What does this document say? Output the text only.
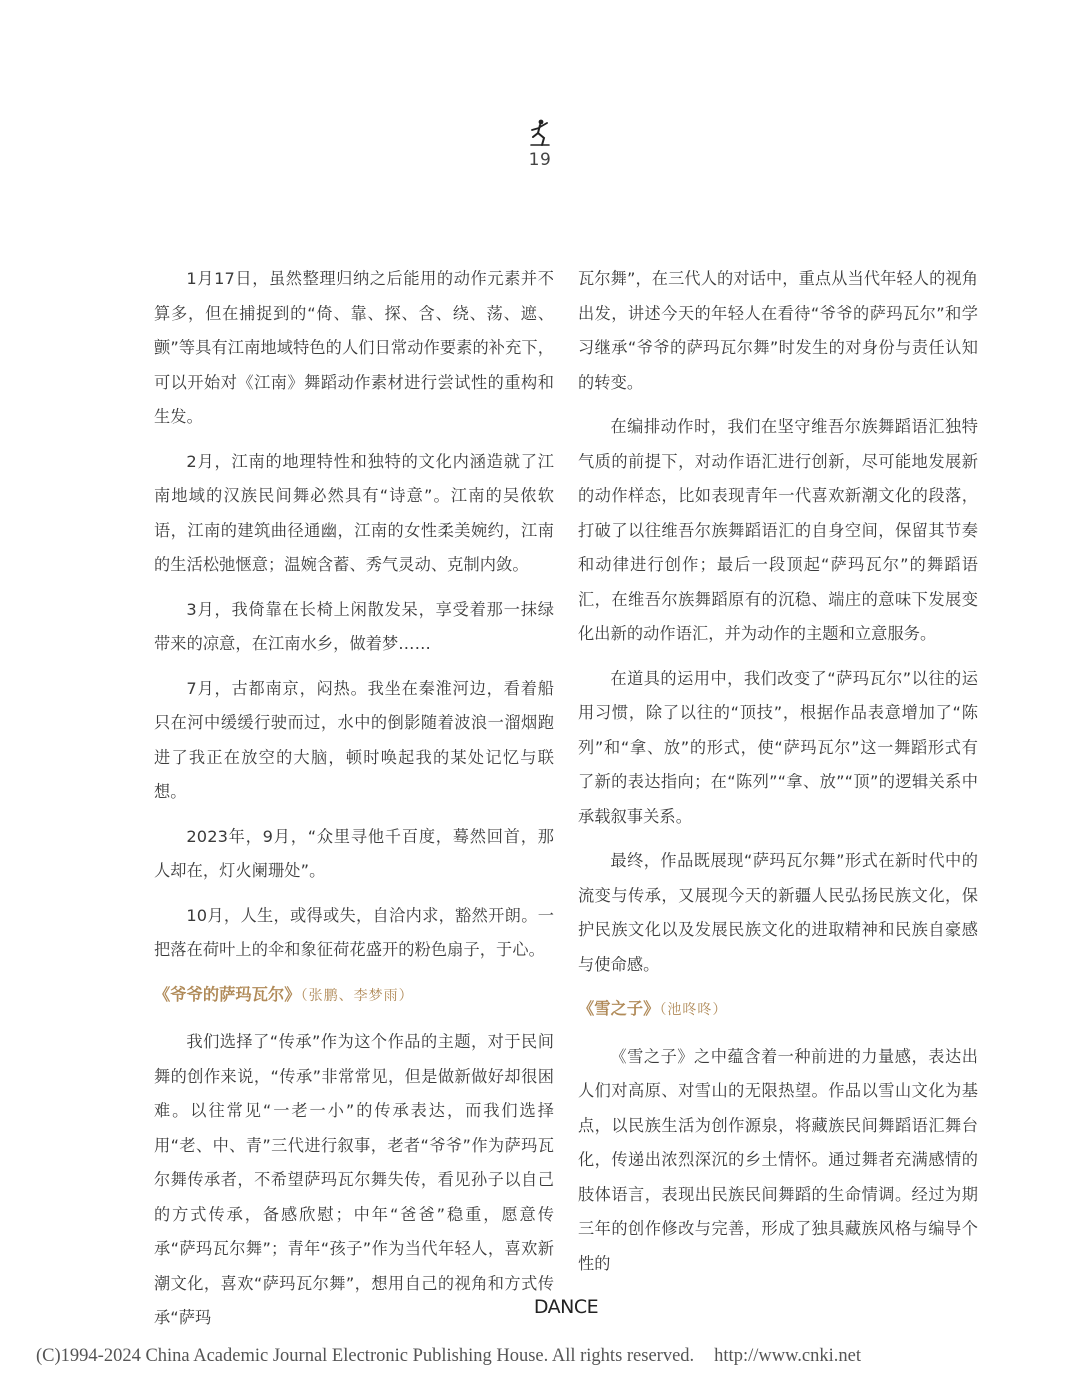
19

1月17日，虽然整理归纳之后能用的动作元素并不算多，但在捕捉到的“倚、靠、探、含、绕、荡、遮、颤”等具有江南地域特色的人们日常动作要素的补充下，可以开始对《江南》舞蹈动作素材进行尝试性的重构和生发。

2月，江南的地理特性和独特的文化内涵造就了江南地域的汉族民间舞必然具有“诗意”。江南的吴侬软语，江南的建筑曲径通幽，江南的女性柔美婉约，江南的生活松弛惬意；温婉含蓄、秀气灵动、克制内敛。

3月，我倚靠在长椅上闲散发呆，享受着那一抹绿带来的凉意，在江南水乡，做着梦……

7月，古都南京，闷热。我坐在秦淮河边，看着船只在河中缓缓行驶而过，水中的倒影随着波浪一溜烟跑进了我正在放空的大脑，顿时唤起我的某处记忆与联想。

2023年，9月，“众里寻他千百度，蓦然回首，那人却在，灯火阑珊处”。

10月，人生，或得或失，自洽内求，豁然开朗。一把落在荷叶上的伞和象征荷花盛开的粉色扇子，于心。

《爷爷的萨玛瓦尔》（张鹏、李梦雨）

我们选择了“传承”作为这个作品的主题，对于民间舞的创作来说，“传承”非常常见，但是做新做好却很困难。以往常见“一老一小”的传承表达，而我们选择用“老、中、青”三代进行叙事，老者“爷爷”作为萨玛瓦尔舞传承者，不希望萨玛瓦尔舞失传，看见孙子以自己的方式传承，备感欣慰；中年“爸爸”稳重，愿意传承“萨玛瓦尔舞”；青年“孩子”作为当代年轻人，喜欢新潮文化，喜欢“萨玛瓦尔舞”，想用自己的视角和方式传承“萨玛

瓦尔舞”，在三代人的对话中，重点从当代年轻人的视角出发，讲述今天的年轻人在看待“爷爷的萨玛瓦尔”和学习继承“爷爷的萨玛瓦尔舞”时发生的对身份与责任认知的转变。

在编排动作时，我们在坚守维吾尔族舞蹈语汇独特气质的前提下，对动作语汇进行创新，尽可能地发展新的动作样态，比如表现青年一代喜欢新潮文化的段落，打破了以往维吾尔族舞蹈语汇的自身空间，保留其节奏和动律进行创作；最后一段顶起“萨玛瓦尔”的舞蹈语汇，在维吾尔族舞蹈原有的沉稳、端庄的意味下发展变化出新的动作语汇，并为动作的主题和立意服务。

在道具的运用中，我们改变了“萨玛瓦尔”以往的运用习惯，除了以往的“顶技”，根据作品表意增加了“陈列”和“拿、放”的形式，使“萨玛瓦尔”这一舞蹈形式有了新的表达指向；在“陈列”“拿、放”“顶”的逻辑关系中承载叙事关系。

最终，作品既展现“萨玛瓦尔舞”形式在新时代中的流变与传承，又展现今天的新疆人民弘扬民族文化，保护民族文化以及发展民族文化的进取精神和民族自豪感与使命感。

《雪之子》（池咚咚）

《雪之子》之中蕴含着一种前进的力量感，表达出人们对高原、对雪山的无限热望。作品以雪山文化为基点，以民族生活为创作源泉，将藏族民间舞蹈语汇舞台化，传递出浓烈深沉的乡土情怀。通过舞者充满感情的肢体语言，表现出民族民间舞蹈的生命情调。经过为期三年的创作修改与完善，形成了独具藏族风格与编导个性的

DANCE
(C)1994-2024 China Academic Journal Electronic Publishing House. All rights reserved. http://www.cnki.net
